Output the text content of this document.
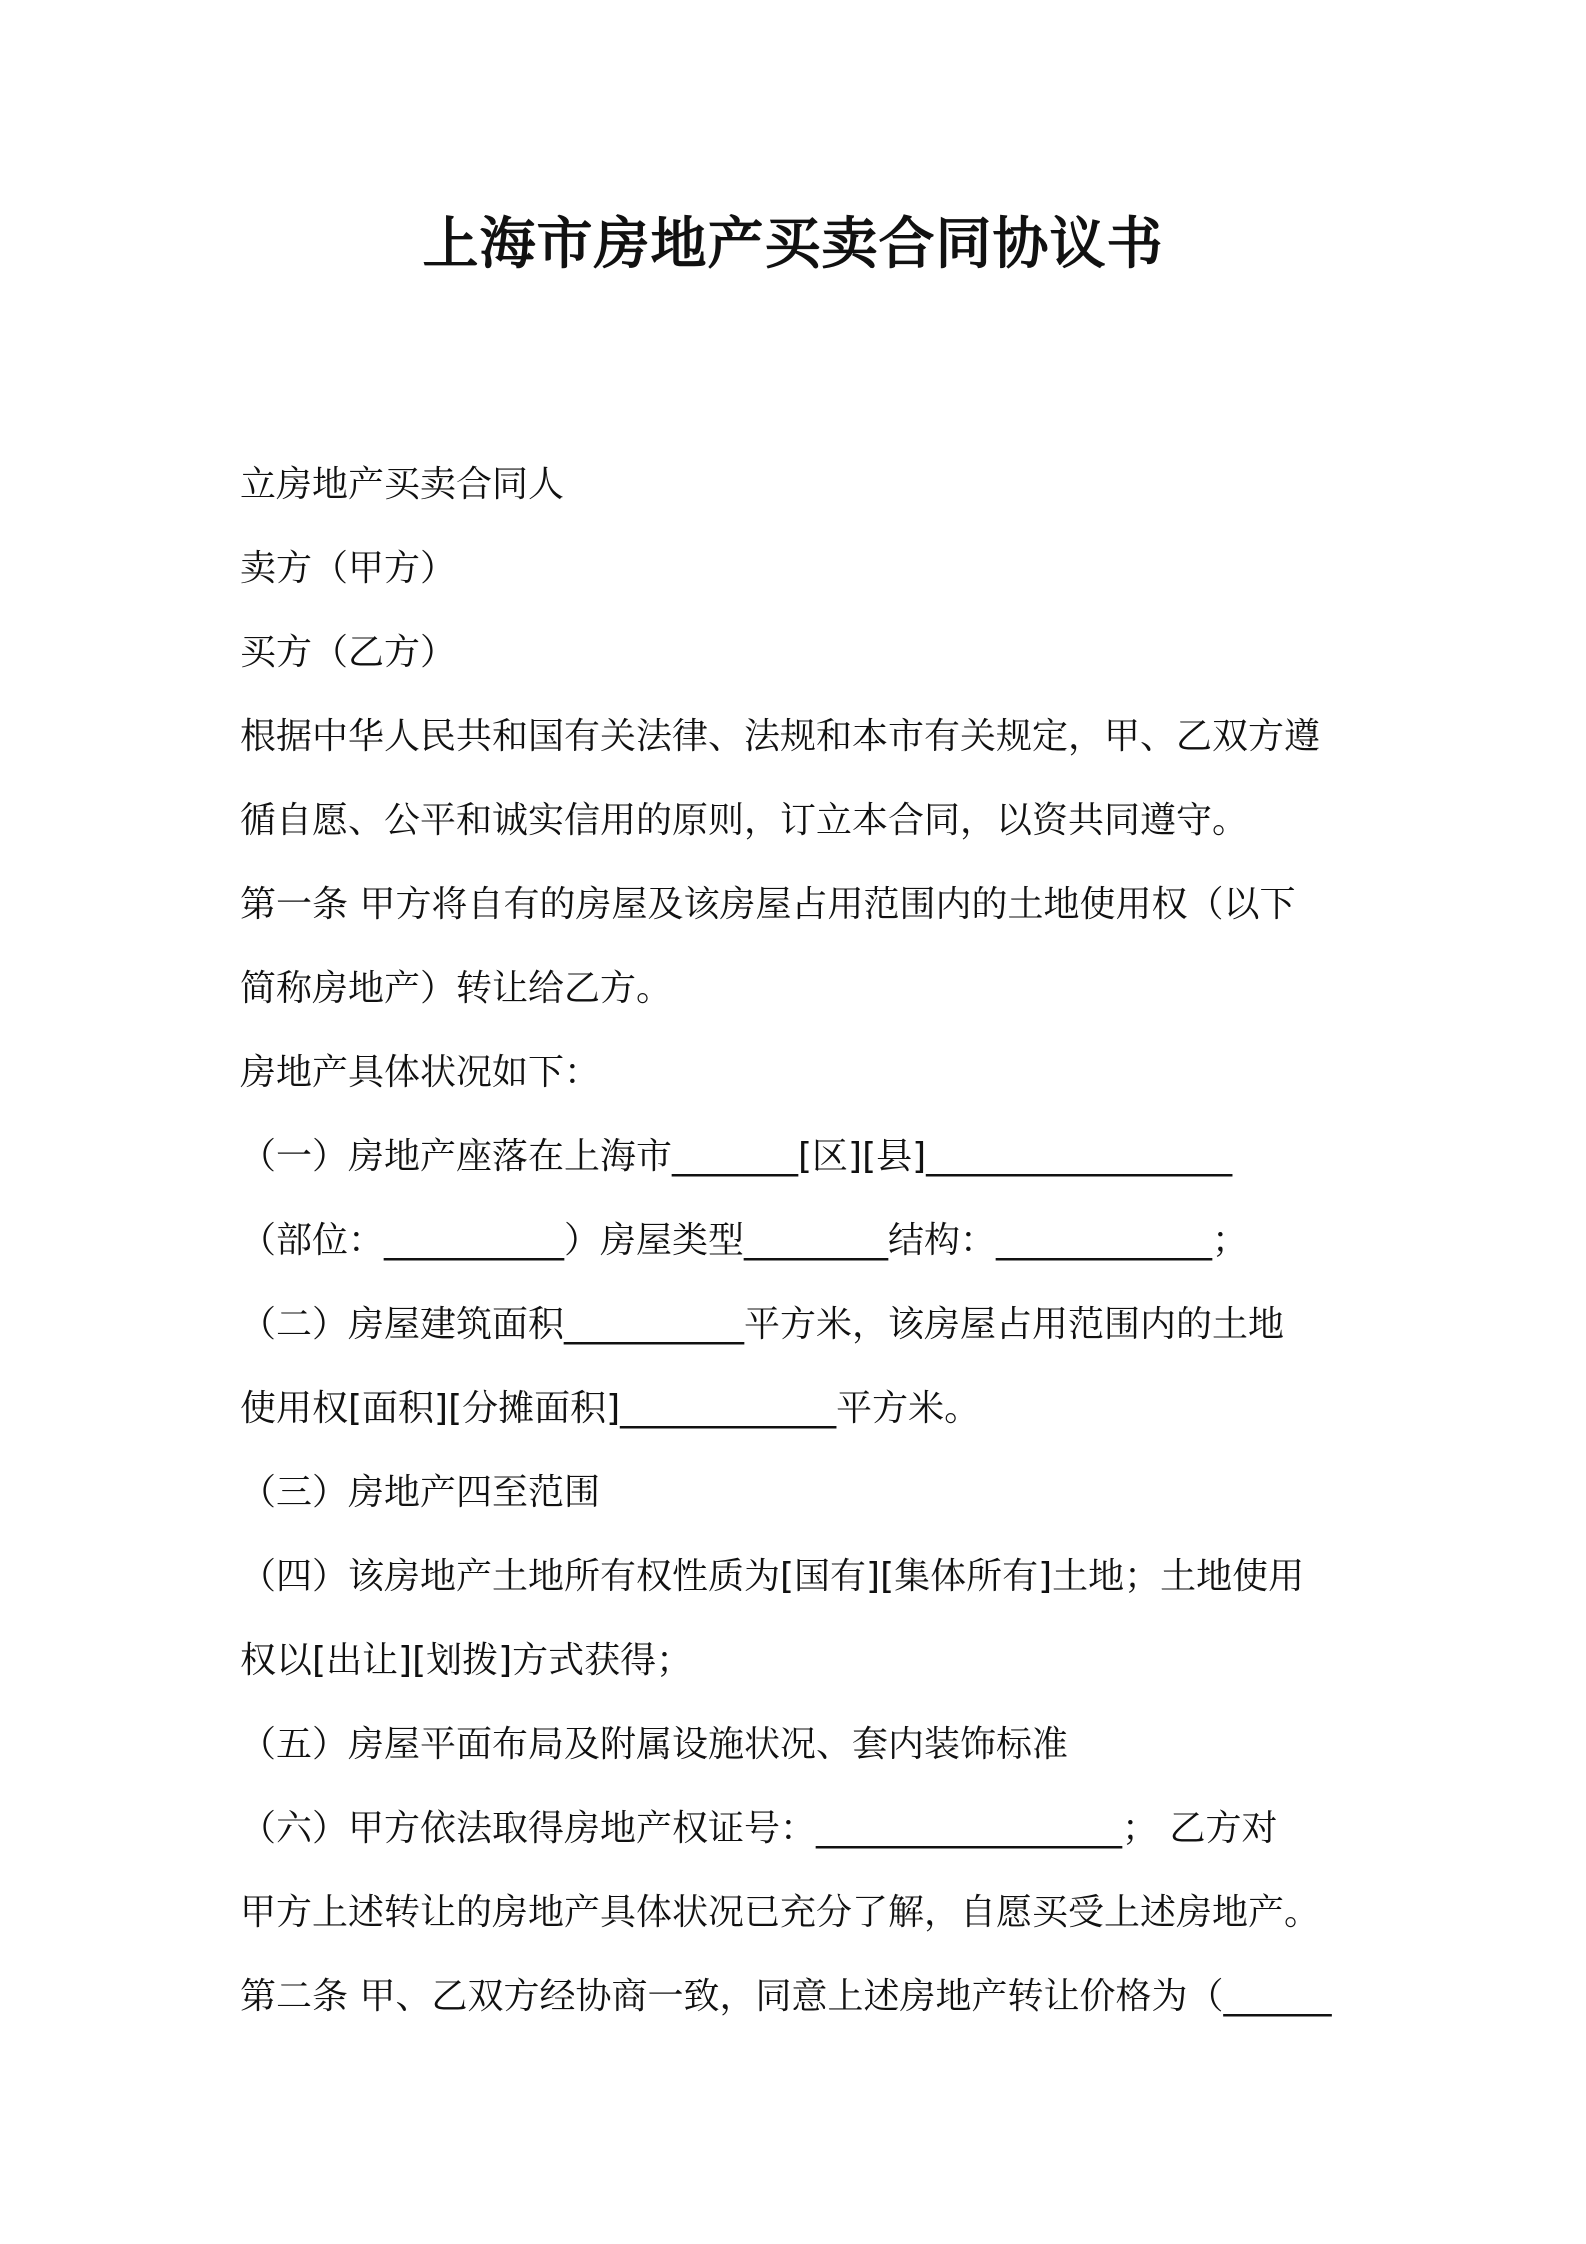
上海市房地产买卖合同协议书
立房地产买卖合同人
卖方（甲方）
买方（乙方）
根据中华人民共和国有关法律、法规和本市有关规定，甲、乙双方遵
循自愿、公平和诚实信用的原则，订立本合同，以资共同遵守。
第一条 甲方将自有的房屋及该房屋占用范围内的土地使用权（以下
简称房地产）转让给乙方。
房地产具体状况如下：
（一）房地产座落在上海市_______[区][县]_________________
（部位：__________）房屋类型________结构：____________；
（二）房屋建筑面积__________平方米，该房屋占用范围内的土地
使用权[面积][分摊面积]____________平方米。
（三）房地产四至范围
（四）该房地产土地所有权性质为[国有][集体所有]土地；土地使用
权以[出让][划拨]方式获得；
（五）房屋平面布局及附属设施状况、套内装饰标准
（六）甲方依法取得房地产权证号：_________________； 乙方对
甲方上述转让的房地产具体状况已充分了解，自愿买受上述房地产。
第二条 甲、乙双方经协商一致，同意上述房地产转让价格为（______
